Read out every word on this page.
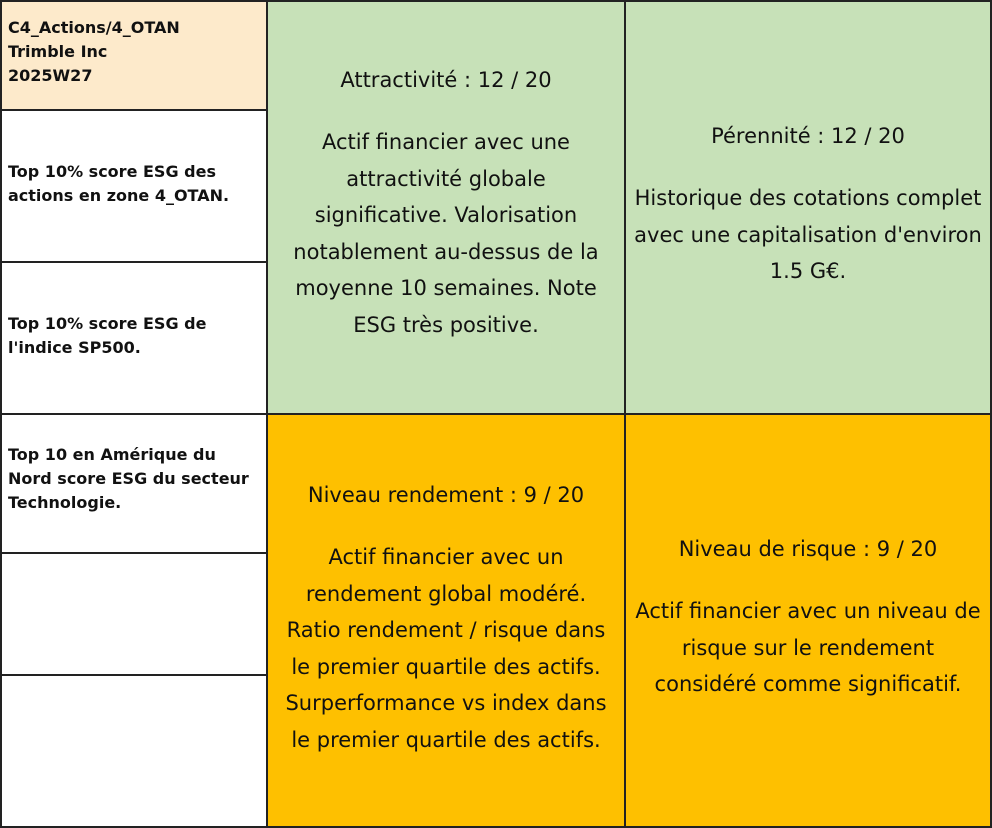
C4_Actions/4_OTAN
Trimble Inc
2025W27
Top 10% score ESG des actions en zone 4_OTAN.
Top 10% score ESG de l'indice SP500.
Top 10 en Amérique du Nord score ESG du secteur Technologie.
Attractivité : 12 / 20
Actif financier avec une attractivité globale significative. Valorisation notablement au-dessus de la moyenne 10 semaines. Note ESG très positive.
Pérennité : 12 / 20
Historique des cotations complet avec une capitalisation d'environ 1.5 G€.
Niveau rendement : 9 / 20
Actif financier avec un rendement global modéré. Ratio rendement / risque dans le premier quartile des actifs. Surperformance vs index dans le premier quartile des actifs.
Niveau de risque : 9 / 20
Actif financier avec un niveau de risque sur le rendement considéré comme significatif.
